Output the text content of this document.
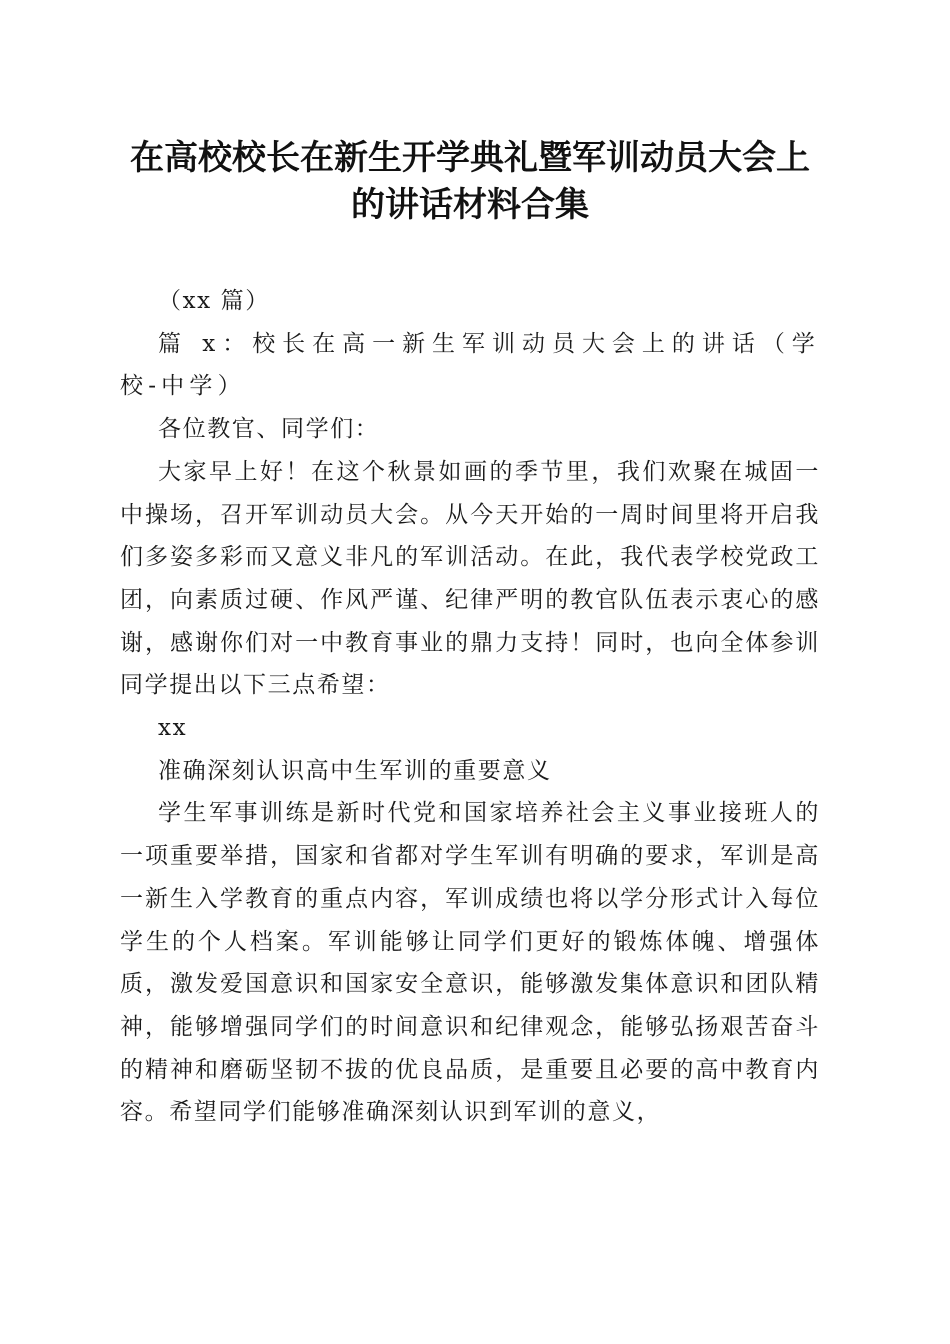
在高校校长在新生开学典礼暨军训动员大会上
的讲话材料合集

（xx 篇）

篇 x：校长在高一新生军训动员大会上的讲话（学校-中学）

各位教官、同学们：

大家早上好！在这个秋景如画的季节里，我们欢聚在城固一中操场，召开军训动员大会。从今天开始的一周时间里将开启我们多姿多彩而又意义非凡的军训活动。在此，我代表学校党政工团，向素质过硬、作风严谨、纪律严明的教官队伍表示衷心的感谢，感谢你们对一中教育事业的鼎力支持！同时，也向全体参训同学提出以下三点希望：

xx

准确深刻认识高中生军训的重要意义

学生军事训练是新时代党和国家培养社会主义事业接班人的一项重要举措，国家和省都对学生军训有明确的要求，军训是高一新生入学教育的重点内容，军训成绩也将以学分形式计入每位学生的个人档案。军训能够让同学们更好的锻炼体魄、增强体质，激发爱国意识和国家安全意识，能够激发集体意识和团队精神，能够增强同学们的时间意识和纪律观念，能够弘扬艰苦奋斗的精神和磨砺坚韧不拔的优良品质，是重要且必要的高中教育内容。希望同学们能够准确深刻认识到军训的意义，
